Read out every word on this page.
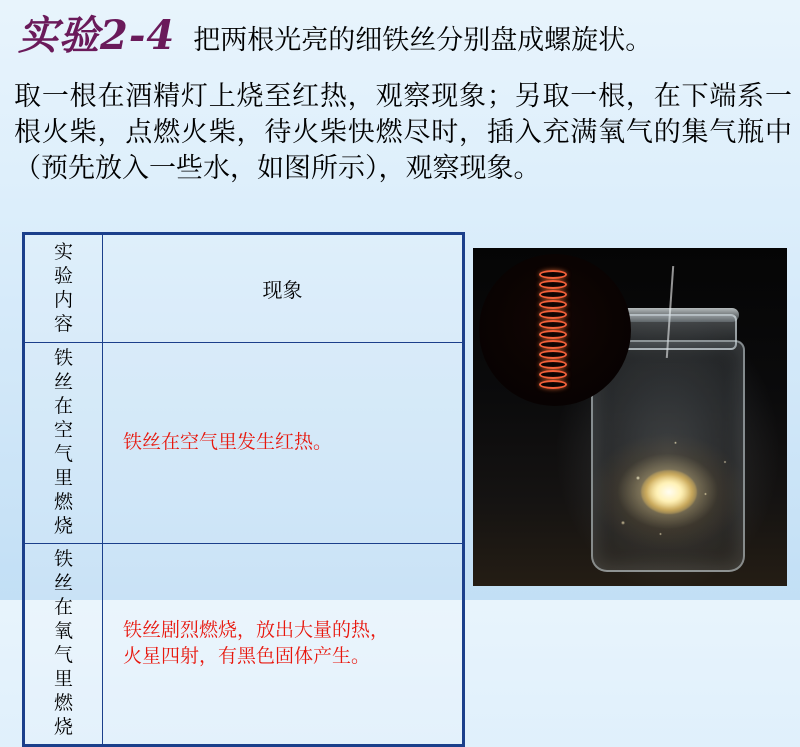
实验2-4 把两根光亮的细铁丝分别盘成螺旋状。
取一根在酒精灯上烧至红热，观察现象；另取一根，在下端系一根火柴，点燃火柴，待火柴快燃尽时，插入充满氧气的集气瓶中（预先放入一些水，如图所示），观察现象。
实验内容	现象

铁丝在空气里燃烧	铁丝在空气里发生红热。

铁丝在氧气里燃烧	铁丝剧烈燃烧，放出大量的热，
火星四射，有黑色固体产生。
